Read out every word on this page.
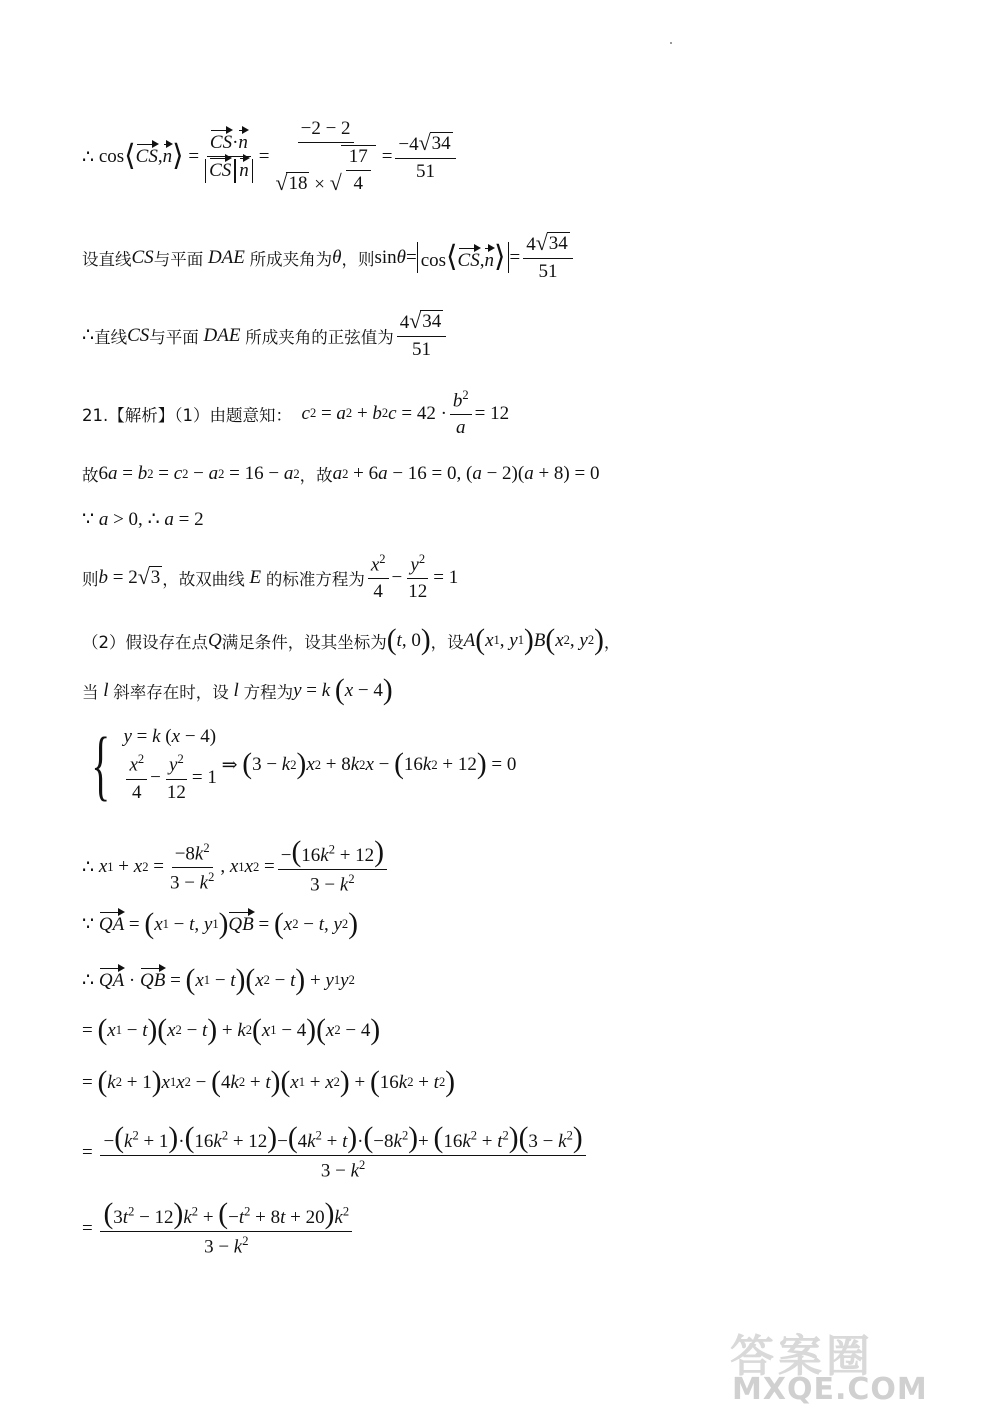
∴
cos ⟨ CS , n ⟩ = $\frac{CS\cdot n}{\text{CS n}} = \frac{-2 - 2}{√ 18 \times √ \frac{17}{4}} = \frac{-4 √ 34}{51}$
设直线 CS 与平面 DAE 所成夹角为 θ ，则 sin θ = cos⟨CS,n⟩ = $\frac{4 √ 34}{51}$
∴ 直线 CS 与平面 DAE 所成夹角的正弦值为 $\frac{4 √ 34}{51}$
21.【解析】（1）由题意知：
c 2 = a 2 + b 2 $c = 42 \cdot \frac{b^2}{a} = 12$
故 6 a = b 2 = c 2 − a 2 = 16 − a 2 ，故 a 2 + 6 a − 16 = 0, ( a − 2)( a + 8) = 0
∵
a > 0, ∴
a = 2
则 b = 2 √ 3 ，故双曲线 E 的标准方程为 $\frac{x^2}{4} - \frac{y^2}{12} = 1$
（2）假设存在点 Q 满足条件，设其坐标为 ( t , 0 ) ，设 A ( x 1 , y 1 ) B ( x 2 , y 2 ) ，
当 l 斜率存在时，设 l 方程为 y = k
( x − 4 )
{ y = k (x − 4)
$\frac{x^2}{4} - \frac{y^2}{12} = 1$
⇒ ( 3 − k 2 ) x 2 + 8 k 2 x − ( 16 k 2 + 12 ) = 0
∴
x 1 + x $2 = \frac{-8k^2}{3 - k^2}$ , x 1 x $2 = \frac{-(16k^2 + 12)}{3 - k^2}$
∵
QA = ( x 1 − t , y 1 ) QB = ( x 2 − t , y 2 )
∴
QA · QB = ( x 1 − t ) ( x 2 − t ) + y 1 y 2
= ( x 1 − t ) ( x 2 − t ) + k 2 ( x 1 − 4 ) ( x 2 − 4 )
= ( k 2 + 1 ) x 1 x 2 − ( 4 k 2 + t ) ( x 1 + x 2 ) + ( 16 k 2 + t 2 )
= $\frac{-(k^2 + 1)\cdot(16k^2 + 12)-(4k^2 + t)\cdot(-8k^2)+ (16k^2 + t^2)(3 - k^2)}{3 - k^2}$
= $\frac{(3t^2 - 12)k^2 + (-t^2 + 8t + 20)k^2}{3 - k^2}$
答案圈
MXQE.COM
